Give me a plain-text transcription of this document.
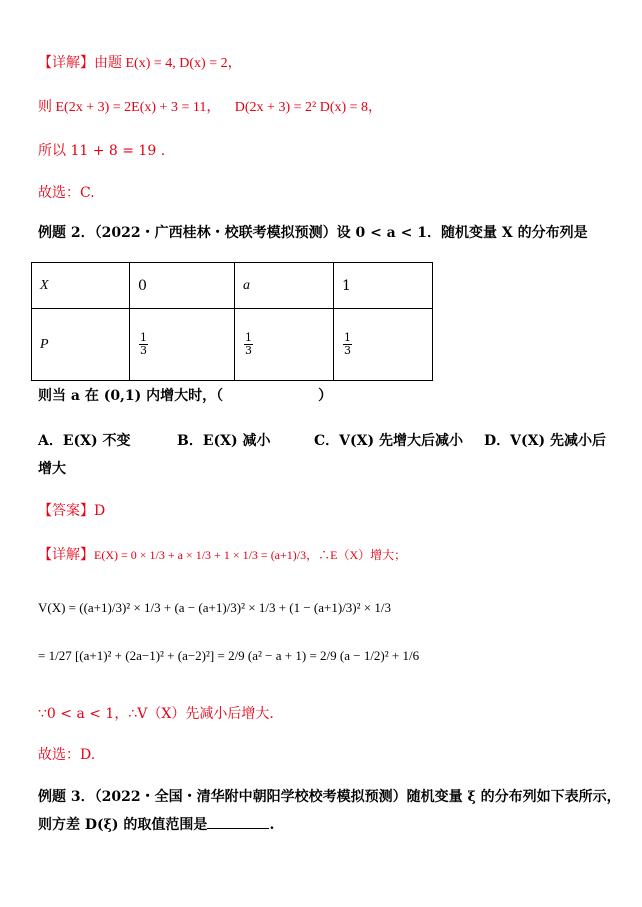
【详解】由题 E(x) = 4, D(x) = 2，
则 E(2x + 3) = 2E(x) + 3 = 11， D(2x + 3) = 2² D(x) = 8，
所以 11 + 8 = 19 .
故选：C.
例题 2．（2022・广西桂林・校联考模拟预测）设 0 < a < 1．随机变量 X 的分布列是
X	0	a	1
P	$\frac{1}{3}$	$\frac{1}{3}$	$\frac{1}{3}$
则当 a 在 (0,1) 内增大时，（	）
A．E(X) 不变	B．E(X) 减小	C．V(X) 先增大后减小 D．V(X) 先减小后
增大
【答案】D
【详解】E(X) = 0 × 1/3 + a × 1/3 + 1 × 1/3 = (a+1)/3，∴E（X）增大；
V(X) = ((a+1)/3)² × 1/3 + (a − (a+1)/3)² × 1/3 + (1 − (a+1)/3)² × 1/3
= 1/27 [(a+1)² + (2a−1)² + (a−2)²] = 2/9 (a² − a + 1) = 2/9 (a − 1/2)² + 1/6
∵0 < a < 1，∴V（X）先减小后增大.
故选：D.
例题 3．（2022・全国・清华附中朝阳学校校考模拟预测）随机变量 ξ 的分布列如下表所示，
则方差 D(ξ) 的取值范围是	.
